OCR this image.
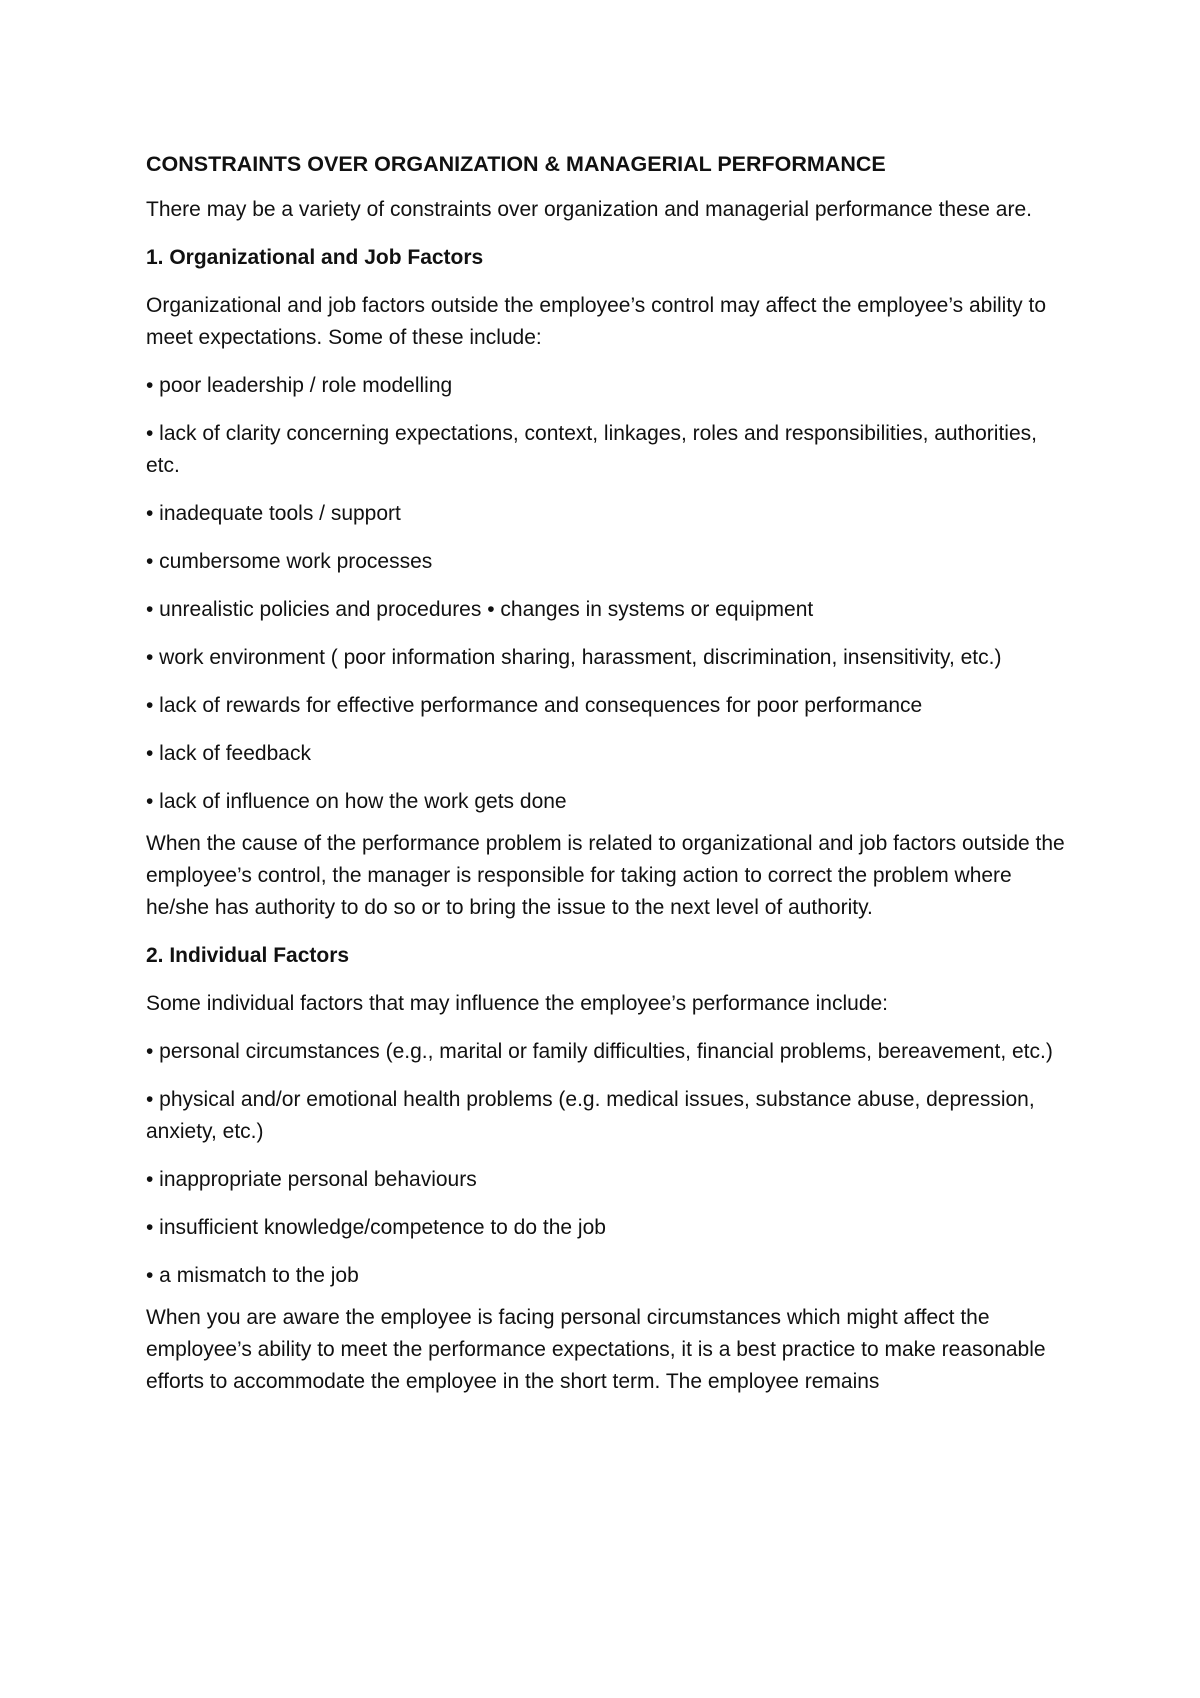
CONSTRAINTS OVER ORGANIZATION & MANAGERIAL PERFORMANCE
There may be a variety of constraints over organization and managerial performance these are.
1. Organizational and Job Factors
Organizational and job factors outside the employee’s control may affect the employee’s ability to meet expectations. Some of these include:
• poor leadership / role modelling
• lack of clarity concerning expectations, context, linkages, roles and responsibilities, authorities, etc.
• inadequate tools / support
• cumbersome work processes
• unrealistic policies and procedures • changes in systems or equipment
• work environment ( poor information sharing, harassment, discrimination, insensitivity, etc.)
• lack of rewards for effective performance and consequences for poor performance
• lack of feedback
• lack of influence on how the work gets done
When the cause of the performance problem is related to organizational and job factors outside the employee’s control, the manager is responsible for taking action to correct the problem where he/she has authority to do so or to bring the issue to the next level of authority.
2. Individual Factors
Some individual factors that may influence the employee’s performance include:
• personal circumstances (e.g., marital or family difficulties, financial problems, bereavement, etc.)
• physical and/or emotional health problems (e.g. medical issues, substance abuse, depression, anxiety, etc.)
• inappropriate personal behaviours
• insufficient knowledge/competence to do the job
• a mismatch to the job
When you are aware the employee is facing personal circumstances which might affect the employee’s ability to meet the performance expectations, it is a best practice to make reasonable efforts to accommodate the employee in the short term. The employee remains
